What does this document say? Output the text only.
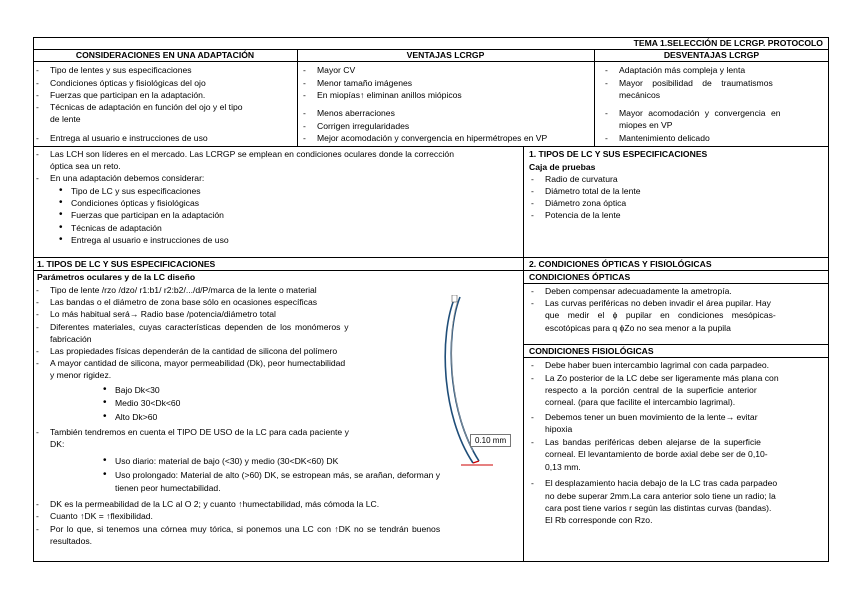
TEMA 1.SELECCIÓN DE LCRGP. PROTOCOLO
CONSIDERACIONES EN UNA ADAPTACIÓN	VENTAJAS LCRGP	DESVENTAJAS LCRGP
- Tipo de lentes y sus especificaciones
- Condiciones ópticas y fisiológicas del ojo
- Fuerzas que participan en la adaptación.
- Técnicas de adaptación en función del ojo y el tipo
de lente
- Entrega al usuario e instrucciones de uso
- Mayor CV
- Menor tamaño imágenes
- En miopías↑ eliminan anillos miópicos
- Menos aberraciones
- Corrigen irregularidades
- Mejor acomodación y convergencia en hipermétropes en VP
- Adaptación más compleja y lenta
- Mayor posibilidad de traumatismos
mecánicos
- Mayor acomodación y convergencia en
miopes en VP
- Mantenimiento delicado
- Las LCH son líderes en el mercado. Las LCRGP se emplean en condiciones oculares donde la corrección
óptica sea un reto.
- En una adaptación debemos considerar:
• Tipo de LC y sus especificaciones
• Condiciones ópticas y fisiológicas
• Fuerzas que participan en la adaptación
• Técnicas de adaptación
• Entrega al usuario e instrucciones de uso
1. TIPOS DE LC Y SUS ESPECIFICACIONES
Caja de pruebas
- Radio de curvatura
- Diámetro total de la lente
- Diámetro zona óptica
- Potencia de la lente
1. TIPOS DE LC Y SUS ESPECIFICACIONES
Parámetros oculares y de la LC diseño
- Tipo de lente /rzo /dzo/ r1:b1/ r2:b2/.../d/P/marca de la lente o material
- Las bandas o el diámetro de zona base sólo en ocasiones específicas
- Lo más habitual será→ Radio base /potencia/diámetro total
- Diferentes materiales, cuyas características dependen de los monómeros y
fabricación
- Las propiedades físicas dependerán de la cantidad de silicona del polímero
- A mayor cantidad de silicona, mayor permeabilidad (Dk), peor humectabilidad
y menor rigidez.
• Bajo Dk<30
• Medio 30<Dk<60
• Alto Dk>60
- También tendremos en cuenta el TIPO DE USO de la LC para cada paciente y
DK:
• Uso diario: material de bajo (<30) y medio (30<DK<60) DK
• Uso prolongado: Material de alto (>60) DK, se estropean más, se arañan, deforman y
tienen peor humectabilidad.
- DK es la permeabilidad de la LC al O 2; y cuanto ↑humectabilidad, más cómoda la LC.
- Cuanto ↑DK = ↑flexibilidad.
- Por lo que, si tenemos una córnea muy tórica, si ponemos una LC con ↑DK no se tendrán buenos
resultados.
0.10 mm
2. CONDICIONES ÓPTICAS Y FISIOLÓGICAS
CONDICIONES ÓPTICAS
- Deben compensar adecuadamente la ametropía.
- Las curvas periféricas no deben invadir el área pupilar. Hay
que medir el ϕ pupilar en condiciones mesópicas-
escotópicas para q ϕZo no sea menor a la pupila
CONDICIONES FISIOLÓGICAS
- Debe haber buen intercambio lagrimal con cada parpadeo.
- La Zo posterior de la LC debe ser ligeramente más plana con
respecto a la porción central de la superficie anterior
corneal. (para que facilite el intercambio lagrimal).
- Debemos tener un buen movimiento de la lente→ evitar
hipoxia
- Las bandas periféricas deben alejarse de la superficie
corneal. El levantamiento de borde axial debe ser de 0,10-
0,13 mm.
- El desplazamiento hacia debajo de la LC tras cada parpadeo
no debe superar 2mm.La cara anterior solo tiene un radio; la
cara post tiene varios r según las distintas curvas (bandas).
El Rb corresponde con Rzo.
